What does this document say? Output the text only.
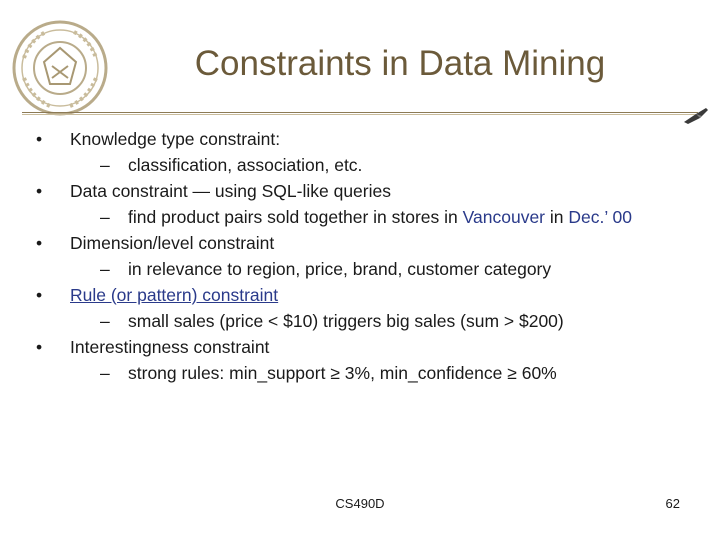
Constraints in Data Mining
• Knowledge type constraint:
– classification, association, etc.
• Data constraint — using SQL-like queries
– find product pairs sold together in stores in Vancouver in Dec.’ 00
• Dimension/level constraint
– in relevance to region, price, brand, customer category
• Rule (or pattern) constraint
– small sales (price < $10) triggers big sales (sum > $200)
• Interestingness constraint
– strong rules: min_support ≥ 3%, min_confidence ≥ 60%
CS490D	62
